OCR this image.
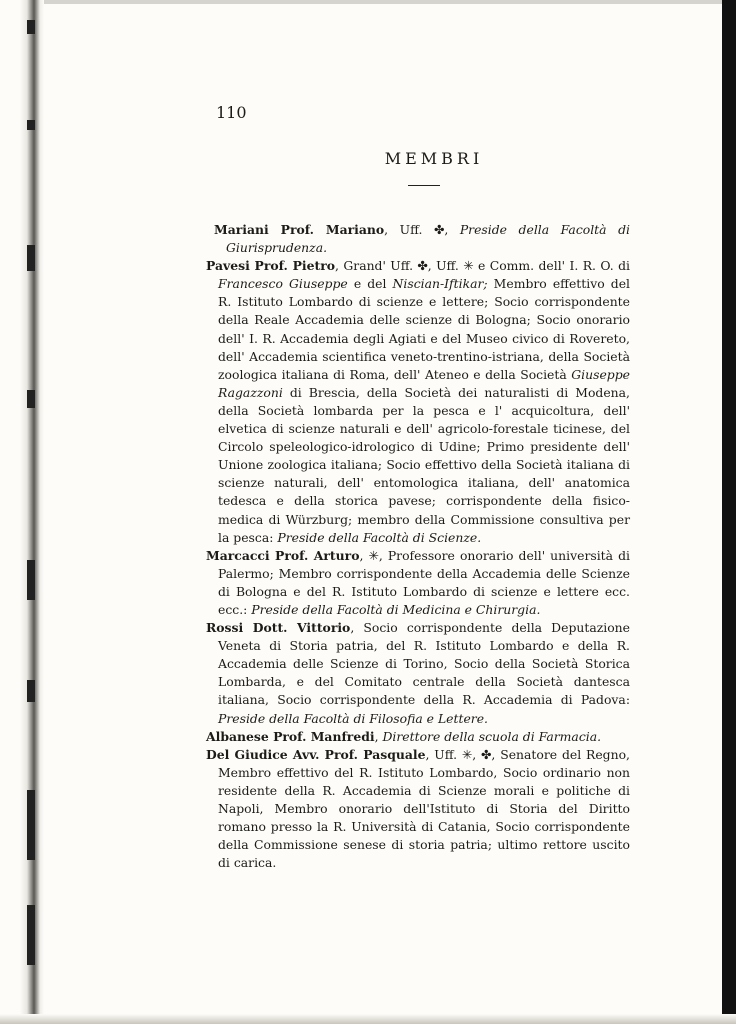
110
MEMBRI
Mariani Prof. Mariano, Uff. ✤, Preside della Facoltà di Giurisprudenza.
Pavesi Prof. Pietro, Grand' Uff. ✤, Uff. ✳ e Comm. dell' I. R. O. di Francesco Giuseppe e del Niscian-Iftikar; Membro effettivo del R. Istituto Lombardo di scienze e lettere; Socio corrispondente della Reale Accademia delle scienze di Bologna; Socio onorario dell' I. R. Accademia degli Agiati e del Museo civico di Rovereto, dell' Accademia scientifica veneto-trentino-istriana, della Società zoologica italiana di Roma, dell' Ateneo e della Società Giuseppe Ragazzoni di Brescia, della Società dei naturalisti di Modena, della Società lombarda per la pesca e l' acquicoltura, dell' elvetica di scienze naturali e dell' agricolo-forestale ticinese, del Circolo speleologico-idrologico di Udine; Primo presidente dell' Unione zoologica italiana; Socio effettivo della Società italiana di scienze naturali, dell' entomologica italiana, dell' anatomica tedesca e della storica pavese; corrispondente della fisico-medica di Würzburg; membro della Commissione consultiva per la pesca: Preside della Facoltà di Scienze.
Marcacci Prof. Arturo, ✳, Professore onorario dell' università di Palermo; Membro corrispondente della Accademia delle Scienze di Bologna e del R. Istituto Lombardo di scienze e lettere ecc. ecc.: Preside della Facoltà di Medicina e Chirurgia.
Rossi Dott. Vittorio, Socio corrispondente della Deputazione Veneta di Storia patria, del R. Istituto Lombardo e della R. Accademia delle Scienze di Torino, Socio della Società Storica Lombarda, e del Comitato centrale della Società dantesca italiana, Socio corrispondente della R. Accademia di Padova: Preside della Facoltà di Filosofia e Lettere.
Albanese Prof. Manfredi, Direttore della scuola di Farmacia.
Del Giudice Avv. Prof. Pasquale, Uff. ✳, ✤, Senatore del Regno, Membro effettivo del R. Istituto Lombardo, Socio ordinario non residente della R. Accademia di Scienze morali e politiche di Napoli, Membro onorario dell'Istituto di Storia del Diritto romano presso la R. Università di Catania, Socio corrispondente della Commissione senese di storia patria; ultimo rettore uscito di carica.
